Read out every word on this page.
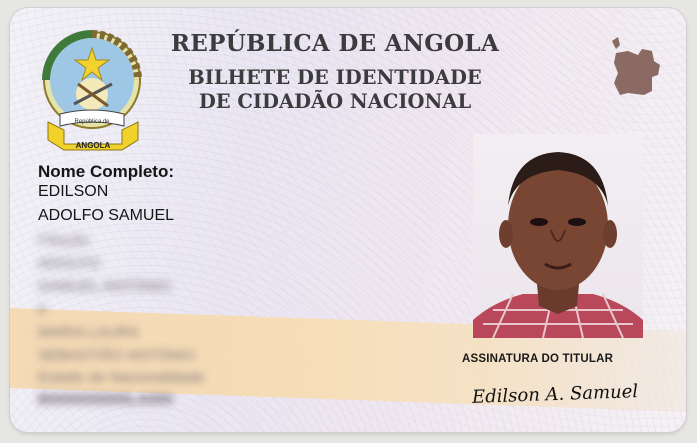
República de
ANGOLA
REPÚBLICA DE ANGOLA
BILHETE DE IDENTIDADE
DE CIDADÃO NACIONAL
Nome Completo:
EDILSON
ADOLFO SAMUEL
Filiação
ADOLFO
SAMUEL ANTÓNIO
e
MARIA LAURA
SEBASTIÃO ANTÓNIO
Estado de Nacionalidade
BI000000000LA000
ASSINATURA DO TITULAR
Edilson A. Samuel
